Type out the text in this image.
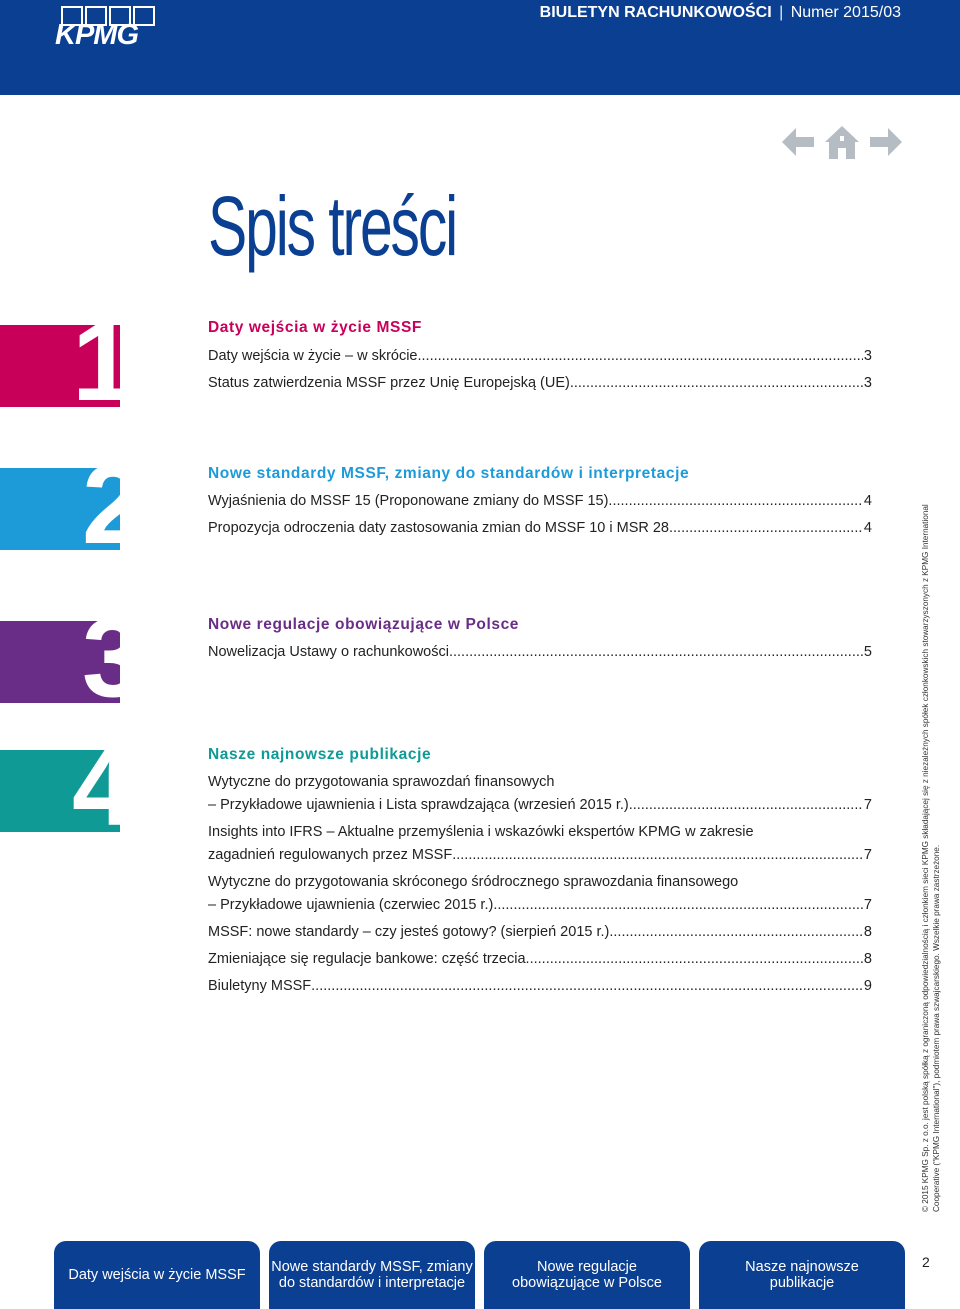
KPMG
BIULETYN RACHUNKOWOŚCI | Numer 2015/03
Spis treści
1
2
3
4
Daty wejścia w życie MSSF
Daty wejścia w życie – w skrócie .....	3
Status zatwierdzenia MSSF przez Unię Europejską (UE) .....	3
Nowe standardy MSSF, zmiany do standardów i interpretacje
Wyjaśnienia do MSSF 15 (Proponowane zmiany do MSSF 15) .....	4
Propozycja odroczenia daty zastosowania zmian do MSSF 10 i MSR 28 .....	4
Nowe regulacje obowiązujące w Polsce
Nowelizacja Ustawy o rachunkowości .....	5
Nasze najnowsze publikacje
Wytyczne do przygotowania sprawozdań finansowych
– Przykładowe ujawnienia i Lista sprawdzająca (wrzesień 2015 r.) .....	7
Insights into IFRS – Aktualne przemyślenia i wskazówki ekspertów KPMG w zakresie
zagadnień regulowanych przez MSSF .....	7
Wytyczne do przygotowania skróconego śródrocznego sprawozdania finansowego
– Przykładowe ujawnienia (czerwiec 2015 r.) .....	7
MSSF: nowe standardy – czy jesteś gotowy? (sierpień 2015 r.) .....	8
Zmieniające się regulacje bankowe: część trzecia .....	8
Biuletyny MSSF .....	9	© 2015 KPMG Sp. z o.o. jest polską spółką z ograniczoną odpowiedzialnością i członkiem sieci KPMG składającej się z niezależnych spółek członkowskich stowarzyszonych z KPMG International Cooperative ("KPMG International"), podmiotem prawa szwajcarskiego. Wszelkie prawa zastrzeżone.
Daty wejścia w życie MSSF Nowe standardy MSSF, zmiany
do standardów i interpretacje
Nowe regulacje
obowiązujące w Polsce
Nasze najnowsze
publikacje
2
